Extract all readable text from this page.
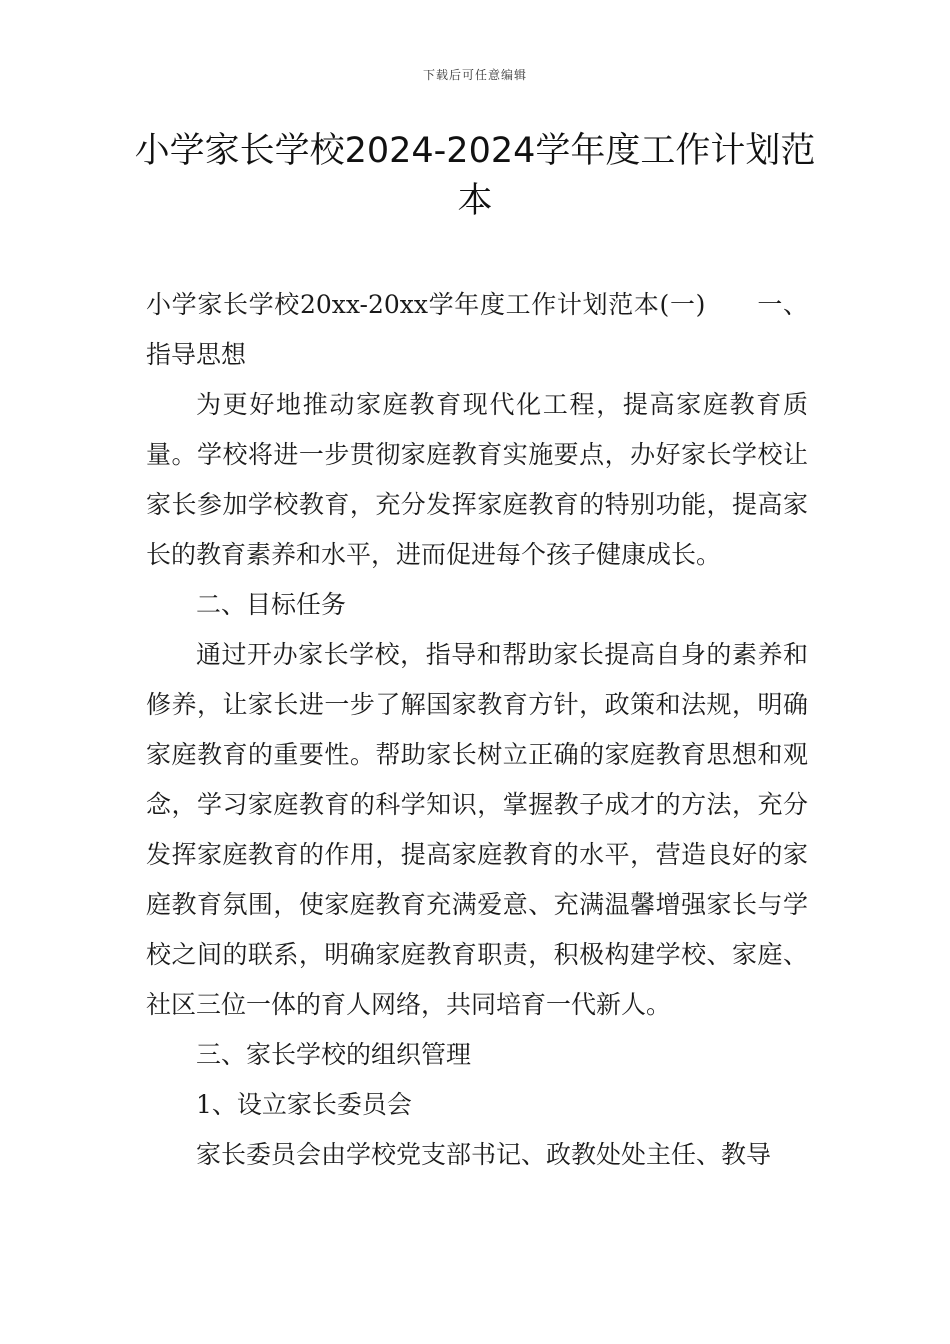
下载后可任意编辑
小学家长学校2024-2024学年度工作计划范本

小学家长学校20xx-20xx学年度工作计划范本(一)　　一、指导思想

为更好地推动家庭教育现代化工程，提高家庭教育质量。学校将进一步贯彻家庭教育实施要点，办好家长学校让家长参加学校教育，充分发挥家庭教育的特别功能，提高家长的教育素养和水平，进而促进每个孩子健康成长。

二、目标任务

通过开办家长学校，指导和帮助家长提高自身的素养和修养，让家长进一步了解国家教育方针，政策和法规，明确家庭教育的重要性。帮助家长树立正确的家庭教育思想和观念，学习家庭教育的科学知识，掌握教子成才的方法，充分发挥家庭教育的作用，提高家庭教育的水平，营造良好的家庭教育氛围，使家庭教育充满爱意、充满温馨增强家长与学校之间的联系，明确家庭教育职责，积极构建学校、家庭、社区三位一体的育人网络，共同培育一代新人。

三、家长学校的组织管理

1、设立家长委员会

家长委员会由学校党支部书记、政教处处主任、教导
